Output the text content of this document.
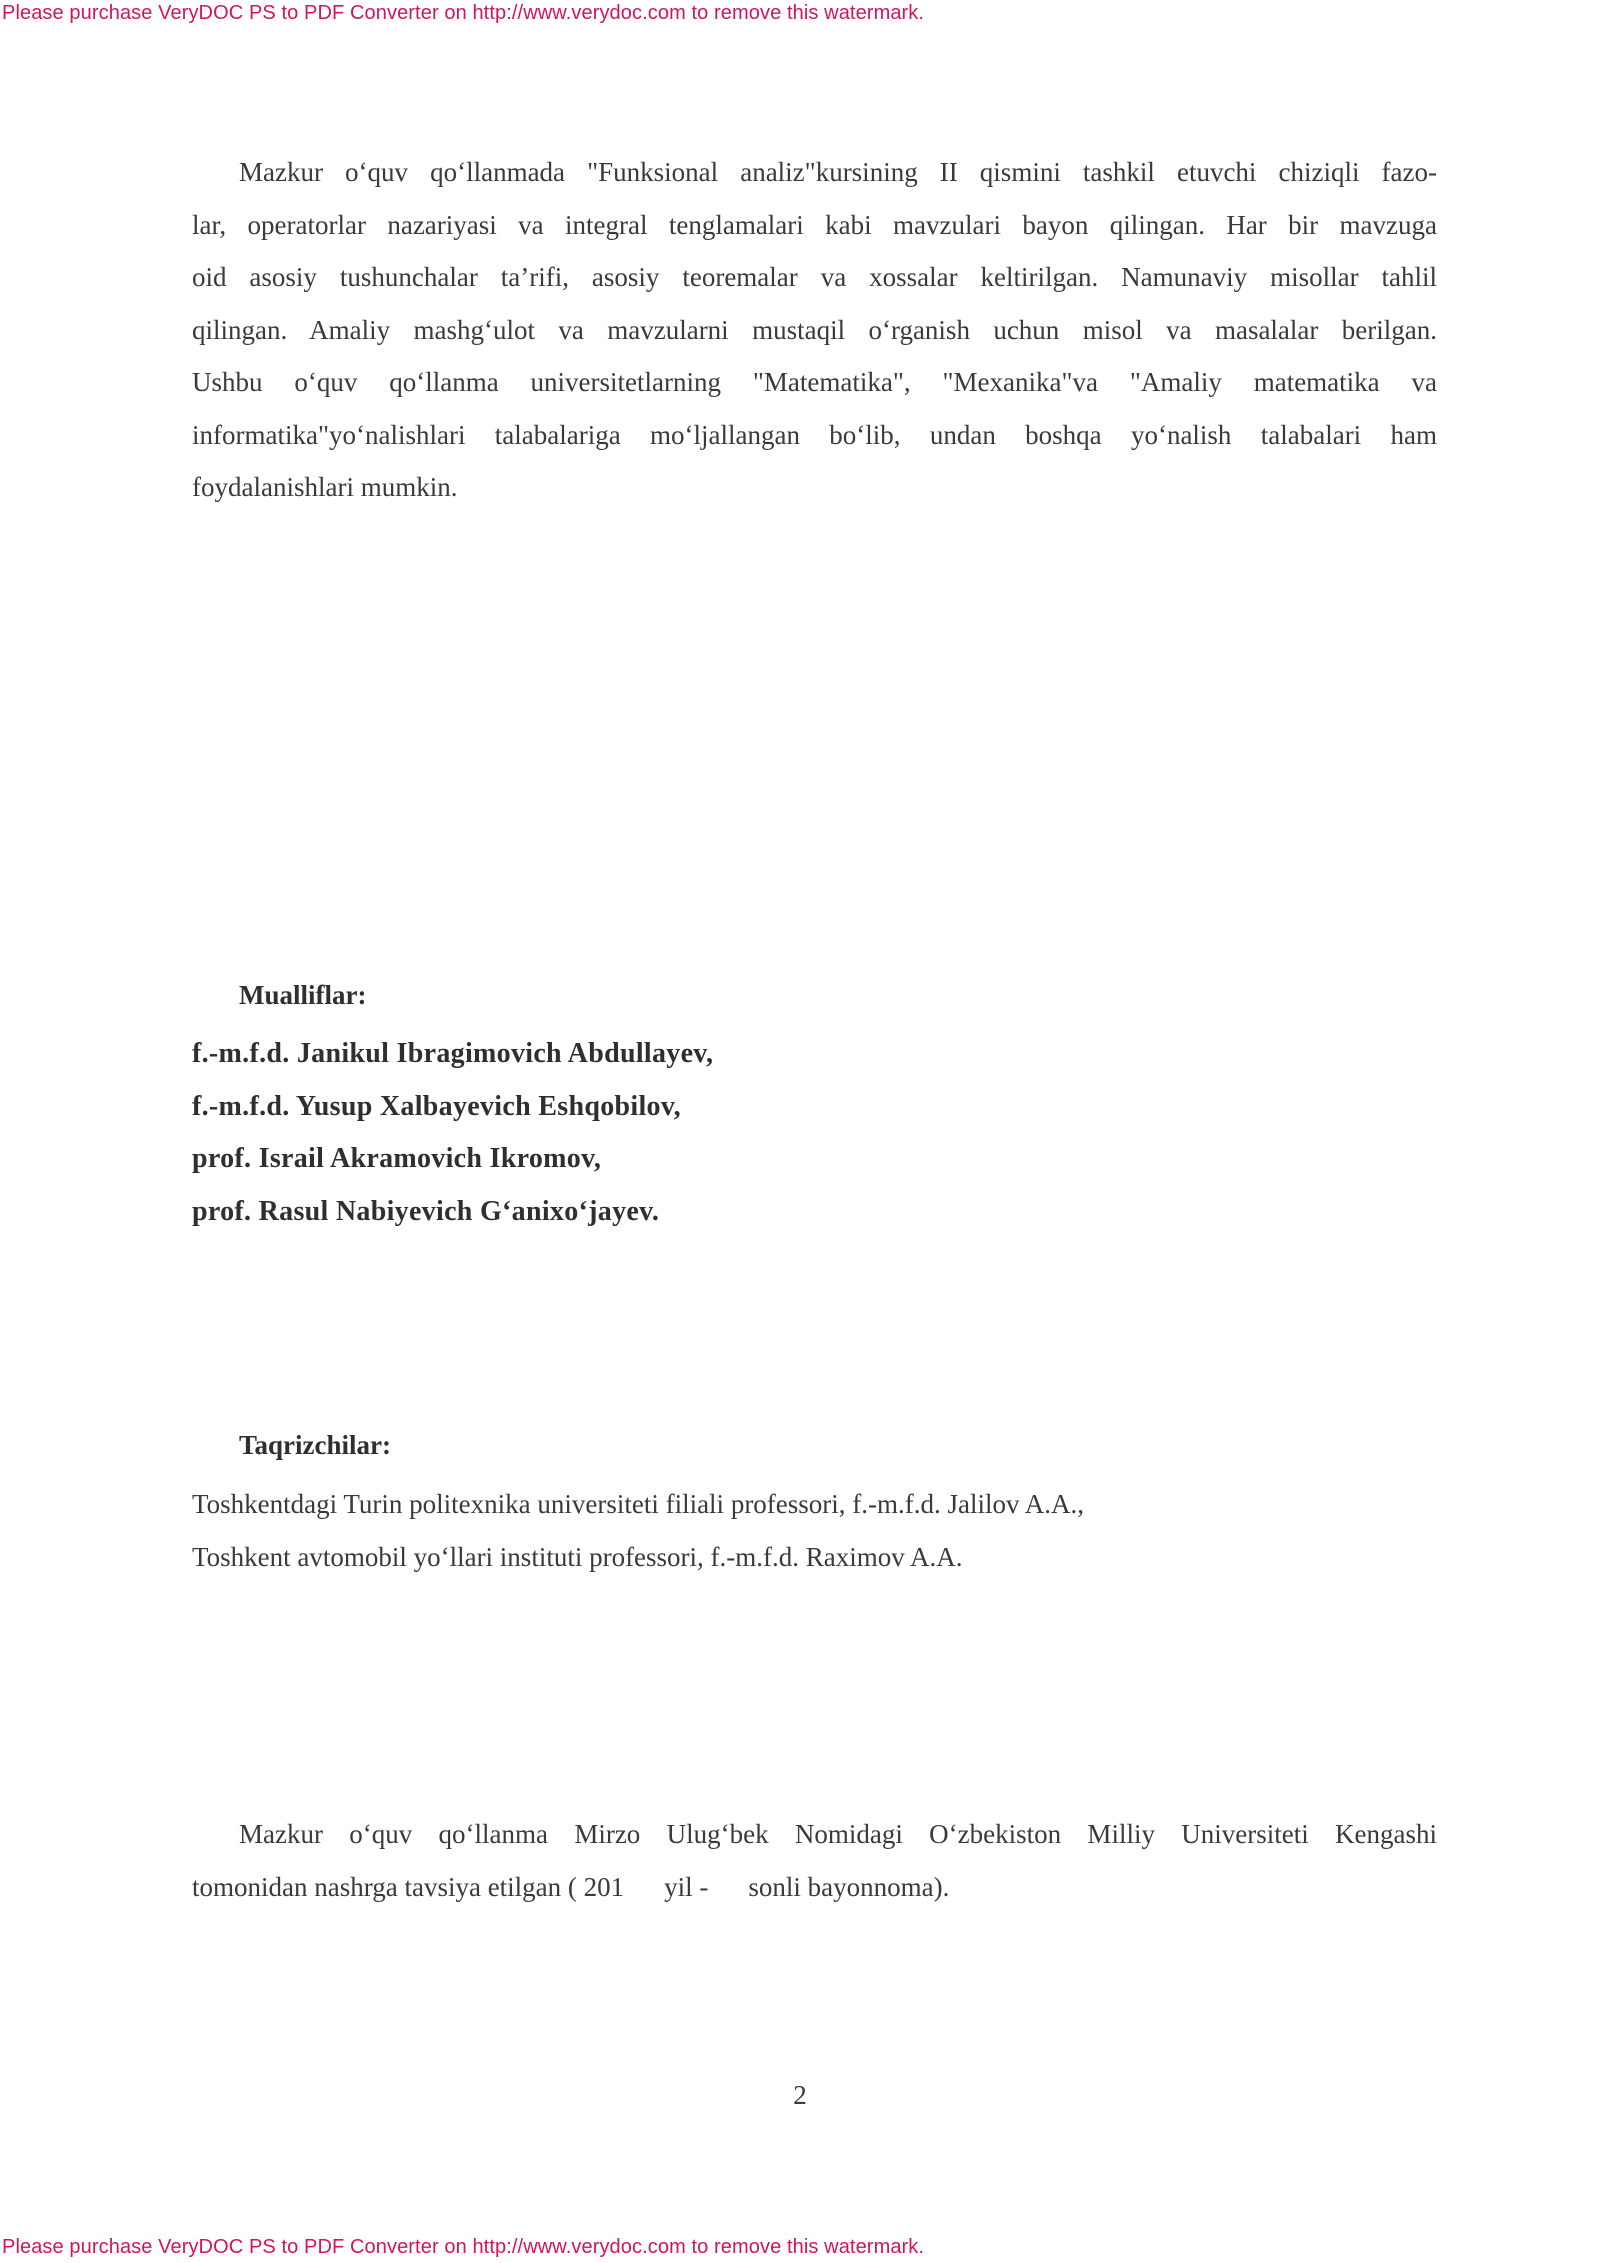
Please purchase VeryDOC PS to PDF Converter on http://www.verydoc.com to remove this watermark.
Mazkur o‘quv qo‘llanmada "Funksional analiz"kursining II qismini tashkil etuvchi chiziqli fazo-
lar, operatorlar nazariyasi va integral tenglamalari kabi mavzulari bayon qilingan. Har bir mavzuga
oid asosiy tushunchalar ta’rifi, asosiy teoremalar va xossalar keltirilgan. Namunaviy misollar tahlil
qilingan. Amaliy mashg‘ulot va mavzularni mustaqil o‘rganish uchun misol va masalalar berilgan.
Ushbu o‘quv qo‘llanma universitetlarning "Matematika", "Mexanika"va "Amaliy matematika va
informatika"yo‘nalishlari talabalariga mo‘ljallangan bo‘lib, undan boshqa yo‘nalish talabalari ham
foydalanishlari mumkin.
Mualliflar:
f.-m.f.d. Janikul Ibragimovich Abdullayev,
f.-m.f.d. Yusup Xalbayevich Eshqobilov,
prof. Israil Akramovich Ikromov,
prof. Rasul Nabiyevich G‘anixo‘jayev.
Taqrizchilar:
Toshkentdagi Turin politexnika universiteti filiali professori, f.-m.f.d. Jalilov A.A.,
Toshkent avtomobil yo‘llari instituti professori, f.-m.f.d. Raximov A.A.
Mazkur o‘quv qo‘llanma Mirzo Ulug‘bek Nomidagi O‘zbekiston Milliy Universiteti Kengashi
tomonidan nashrga tavsiya etilgan ( 201 yil - sonli bayonnoma).

2

Please purchase VeryDOC PS to PDF Converter on http://www.verydoc.com to remove this watermark.
